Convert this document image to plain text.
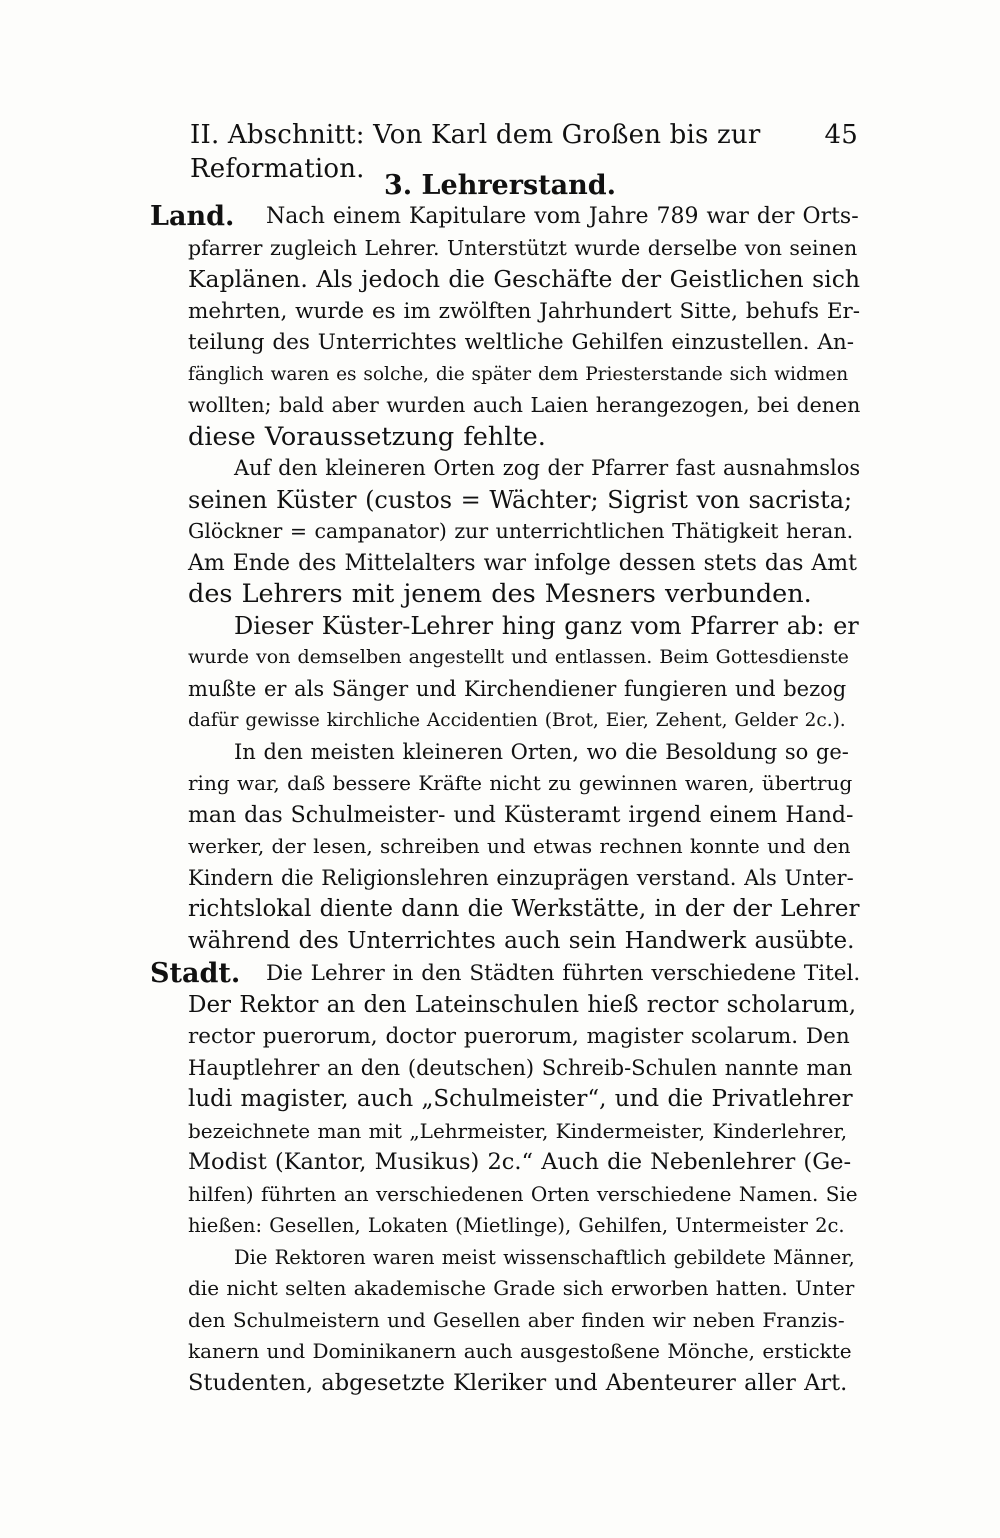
II. Abschnitt: Von Karl dem Großen bis zur Reformation.
45
3. Lehrerstand.
Land.	Nach einem Kapitulare vom Jahre 789 war der Orts-
pfarrer zugleich Lehrer. Unterstützt wurde derselbe von seinen
Kaplänen. Als jedoch die Geschäfte der Geistlichen sich
mehrten, wurde es im zwölften Jahrhundert Sitte, behufs Er-
teilung des Unterrichtes weltliche Gehilfen einzustellen. An-
fänglich waren es solche, die später dem Priesterstande sich widmen
wollten; bald aber wurden auch Laien herangezogen, bei denen
diese Voraussetzung fehlte.
Auf den kleineren Orten zog der Pfarrer fast ausnahmslos
seinen Küster (custos = Wächter; Sigrist von sacrista;
Glöckner = campanator) zur unterrichtlichen Thätigkeit heran.
Am Ende des Mittelalters war infolge dessen stets das Amt
des Lehrers mit jenem des Mesners verbunden.
Dieser Küster-Lehrer hing ganz vom Pfarrer ab: er
wurde von demselben angestellt und entlassen. Beim Gottesdienste
mußte er als Sänger und Kirchendiener fungieren und bezog
dafür gewisse kirchliche Accidentien (Brot, Eier, Zehent, Gelder 2c.).
In den meisten kleineren Orten, wo die Besoldung so ge-
ring war, daß bessere Kräfte nicht zu gewinnen waren, übertrug
man das Schulmeister- und Küsteramt irgend einem Hand-
werker, der lesen, schreiben und etwas rechnen konnte und den
Kindern die Religionslehren einzuprägen verstand. Als Unter-
richtslokal diente dann die Werkstätte, in der der Lehrer
während des Unterrichtes auch sein Handwerk ausübte.
Stadt.	Die Lehrer in den Städten führten verschiedene Titel.
Der Rektor an den Lateinschulen hieß rector scholarum,
rector puerorum, doctor puerorum, magister scolarum. Den
Hauptlehrer an den (deutschen) Schreib-Schulen nannte man
ludi magister, auch „Schulmeister“, und die Privatlehrer
bezeichnete man mit „Lehrmeister, Kindermeister, Kinderlehrer,
Modist (Kantor, Musikus) 2c.“ Auch die Nebenlehrer (Ge-
hilfen) führten an verschiedenen Orten verschiedene Namen. Sie
hießen: Gesellen, Lokaten (Mietlinge), Gehilfen, Untermeister 2c.
Die Rektoren waren meist wissenschaftlich gebildete Männer,
die nicht selten akademische Grade sich erworben hatten. Unter
den Schulmeistern und Gesellen aber finden wir neben Franzis-
kanern und Dominikanern auch ausgestoßene Mönche, erstickte
Studenten, abgesetzte Kleriker und Abenteurer aller Art.
